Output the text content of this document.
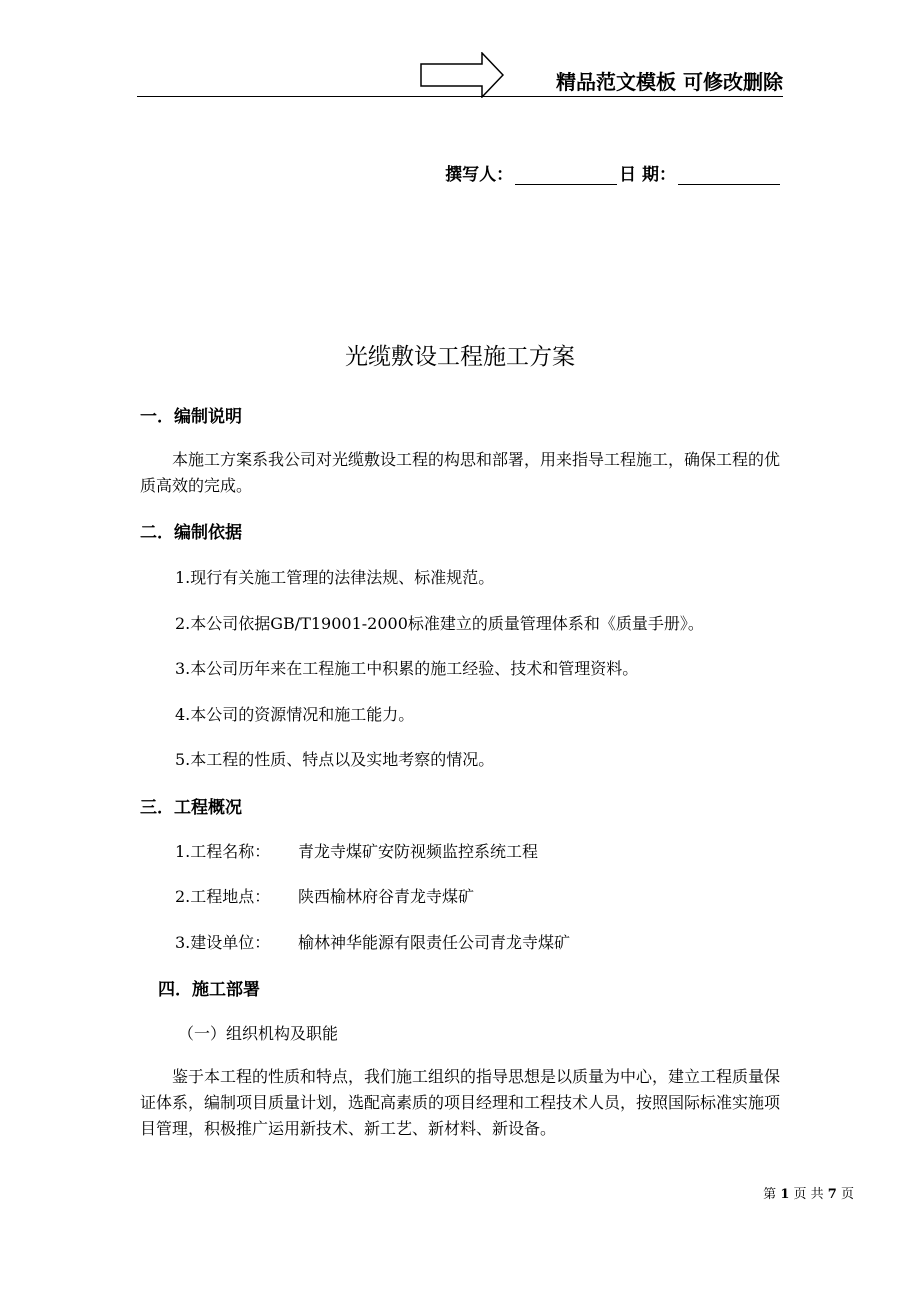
精品范文模板 可修改删除
撰写人：	日 期：
光缆敷设工程施工方案
一．编制说明
本施工方案系我公司对光缆敷设工程的构思和部署，用来指导工程施工，确保工程的优质高效的完成。
二．编制依据
1.现行有关施工管理的法律法规、标准规范。
2.本公司依据GB/T19001-2000标准建立的质量管理体系和《质量手册》。
3.本公司历年来在工程施工中积累的施工经验、技术和管理资料。
4.本公司的资源情况和施工能力。
5.本工程的性质、特点以及实地考察的情况。
三．工程概况
1.工程名称： 青龙寺煤矿安防视频监控系统工程
2.工程地点： 陕西榆林府谷青龙寺煤矿
3.建设单位： 榆林神华能源有限责任公司青龙寺煤矿
四．施工部署
（一）组织机构及职能
鉴于本工程的性质和特点，我们施工组织的指导思想是以质量为中心，建立工程质量保证体系，编制项目质量计划，选配高素质的项目经理和工程技术人员，按照国际标准实施项目管理，积极推广运用新技术、新工艺、新材料、新设备。
第 1 页 共 7 页
